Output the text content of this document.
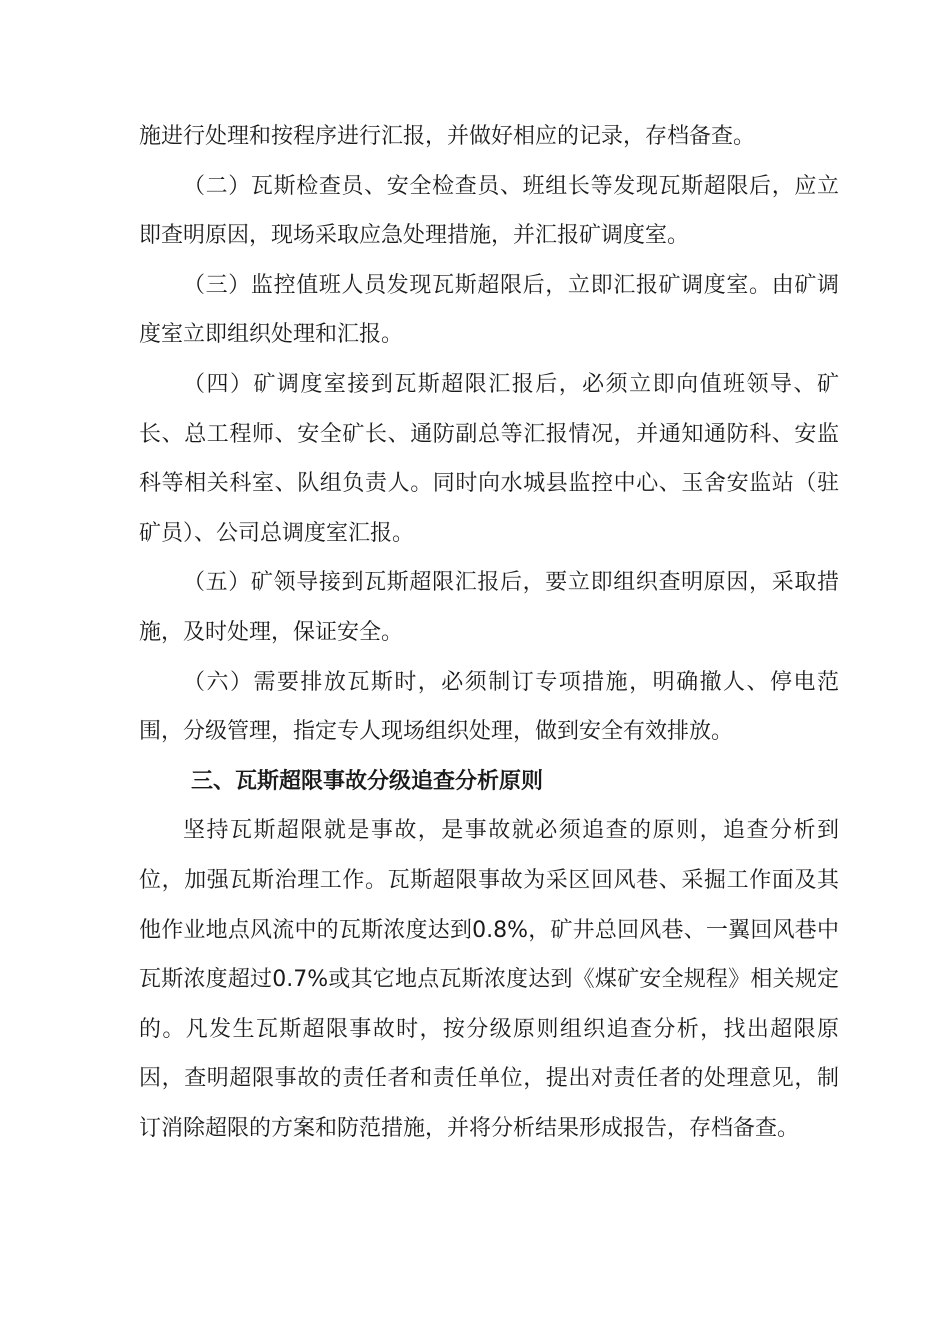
施进行处理和按程序进行汇报，并做好相应的记录，存档备查。

（二）瓦斯检查员、安全检查员、班组长等发现瓦斯超限后，应立即查明原因，现场采取应急处理措施，并汇报矿调度室。

（三）监控值班人员发现瓦斯超限后，立即汇报矿调度室。由矿调度室立即组织处理和汇报。

（四）矿调度室接到瓦斯超限汇报后，必须立即向值班领导、矿长、总工程师、安全矿长、通防副总等汇报情况，并通知通防科、安监科等相关科室、队组负责人。同时向水城县监控中心、玉舍安监站（驻矿员）、公司总调度室汇报。

（五）矿领导接到瓦斯超限汇报后，要立即组织查明原因，采取措施，及时处理，保证安全。

（六）需要排放瓦斯时，必须制订专项措施，明确撤人、停电范围，分级管理，指定专人现场组织处理，做到安全有效排放。

三、瓦斯超限事故分级追查分析原则

坚持瓦斯超限就是事故，是事故就必须追查的原则，追查分析到位，加强瓦斯治理工作。瓦斯超限事故为采区回风巷、采掘工作面及其他作业地点风流中的瓦斯浓度达到0.8%，矿井总回风巷、一翼回风巷中瓦斯浓度超过0.7%或其它地点瓦斯浓度达到《煤矿安全规程》相关规定的。凡发生瓦斯超限事故时，按分级原则组织追查分析，找出超限原因，查明超限事故的责任者和责任单位，提出对责任者的处理意见，制订消除超限的方案和防范措施，并将分析结果形成报告，存档备查。
